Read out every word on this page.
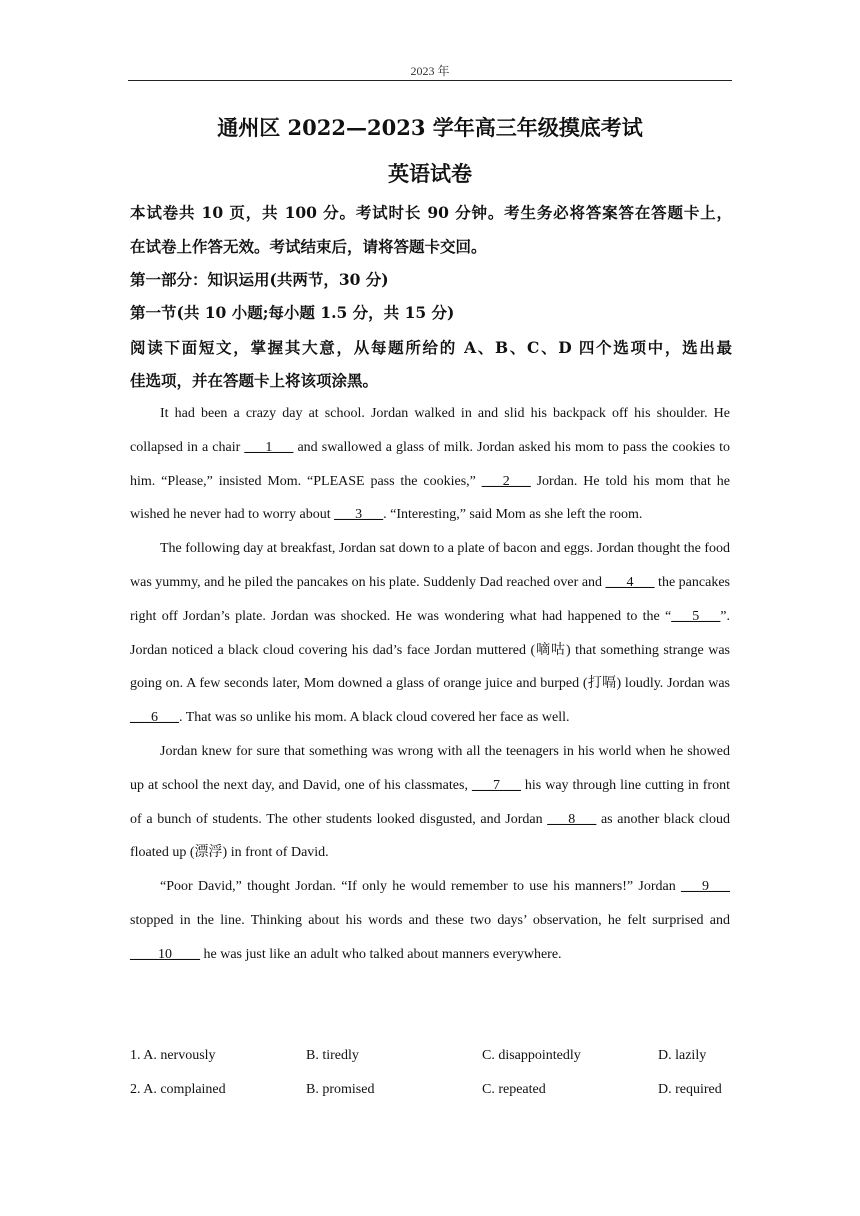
2023 年
通州区 2022—2023 学年高三年级摸底考试
英语试卷
本试卷共 10 页，共 100 分。考试时长 90 分钟。考生务必将答案答在答题卡上，
在试卷上作答无效。考试结束后，请将答题卡交回。
第一部分：知识运用(共两节，30 分)
第一节(共 10 小题;每小题 1.5 分，共 15 分)
阅读下面短文，掌握其大意，从每题所给的 A、B、C、D 四个选项中，选出最
佳选项，并在答题卡上将该项涂黑。

It had been a crazy day at school. Jordan walked in and slid his backpack off his shoulder. He collapsed in a chair ___1___ and swallowed a glass of milk. Jordan asked his mom to pass the cookies to him. “Please,” insisted Mom. “PLEASE pass the cookies,” ___2___ Jordan. He told his mom that he wished he never had to worry about ___3___. “Interesting,” said Mom as she left the room.

The following day at breakfast, Jordan sat down to a plate of bacon and eggs. Jordan thought the food was yummy, and he piled the pancakes on his plate. Suddenly Dad reached over and ___4___ the pancakes right off Jordan’s plate. Jordan was shocked. He was wondering what had happened to the “___5___”. Jordan noticed a black cloud covering his dad’s face Jordan muttered (嘀咕) that something strange was going on. A few seconds later, Mom downed a glass of orange juice and burped (打嗝) loudly. Jordan was ___6___. That was so unlike his mom. A black cloud covered her face as well.

Jordan knew for sure that something was wrong with all the teenagers in his world when he showed up at school the next day, and David, one of his classmates, ___7___ his way through line cutting in front of a bunch of students. The other students looked disgusted, and Jordan ___8___ as another black cloud floated up (漂浮) in front of David.

“Poor David,” thought Jordan. “If only he would remember to use his manners!” Jordan ___9___ stopped in the line. Thinking about his words and these two days’ observation, he felt surprised and ____10____ he was just like an adult who talked about manners everywhere.

1. A. nervously	B. tiredly	C. disappointedly	D. lazily
2. A. complained	B. promised	C. repeated	D. required
